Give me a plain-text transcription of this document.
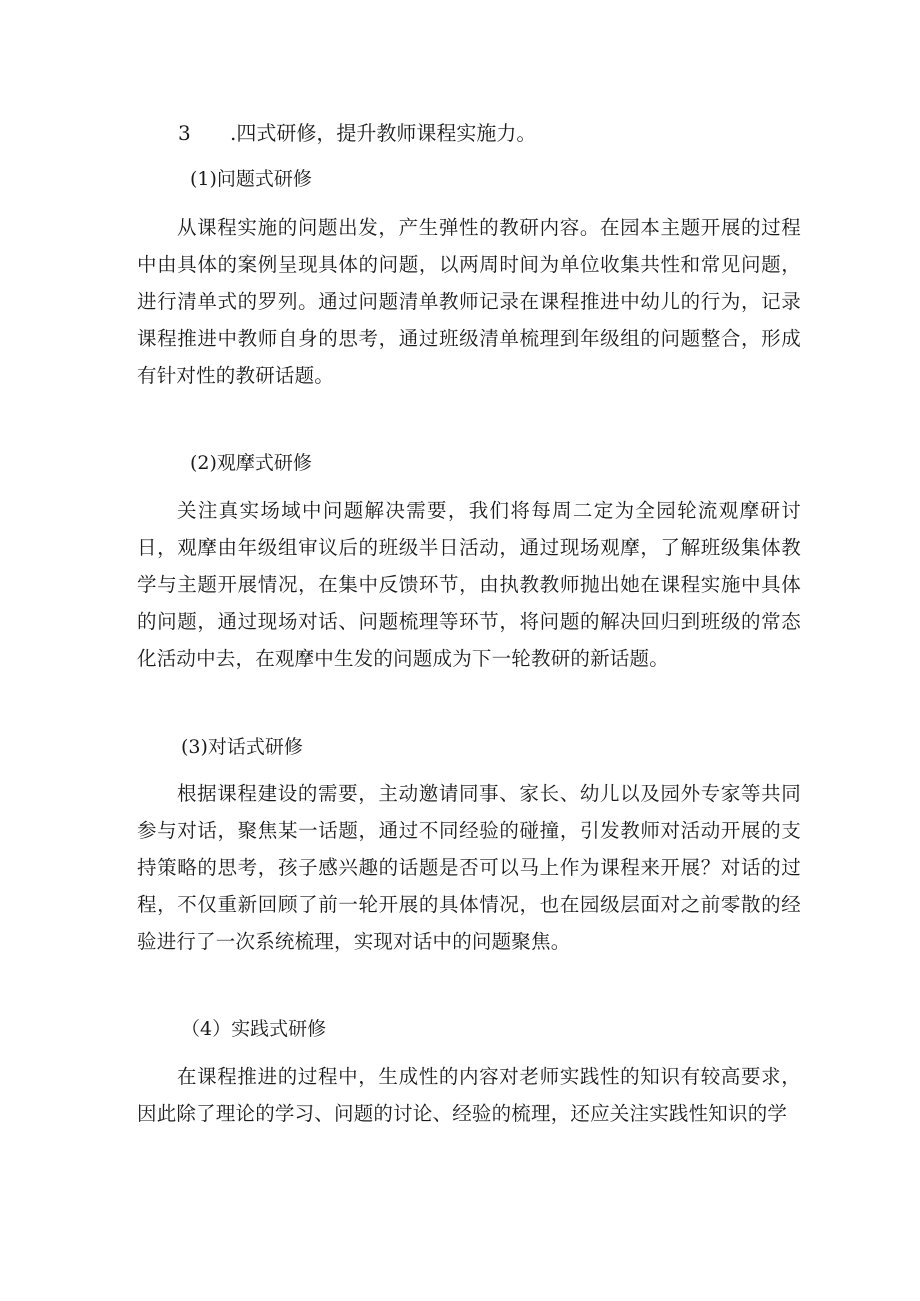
3 .四式研修，提升教师课程实施力。
(1)问题式研修
从课程实施的问题出发，产生弹性的教研内容。在园本主题开展的过程中由具体的案例呈现具体的问题，以两周时间为单位收集共性和常见问题，进行清单式的罗列。通过问题清单教师记录在课程推进中幼儿的行为，记录课程推进中教师自身的思考，通过班级清单梳理到年级组的问题整合，形成有针对性的教研话题。
(2)观摩式研修
关注真实场域中问题解决需要，我们将每周二定为全园轮流观摩研讨日，观摩由年级组审议后的班级半日活动，通过现场观摩，了解班级集体教学与主题开展情况，在集中反馈环节，由执教教师抛出她在课程实施中具体的问题，通过现场对话、问题梳理等环节，将问题的解决回归到班级的常态化活动中去，在观摩中生发的问题成为下一轮教研的新话题。
(3)对话式研修
根据课程建设的需要，主动邀请同事、家长、幼儿以及园外专家等共同参与对话，聚焦某一话题，通过不同经验的碰撞，引发教师对活动开展的支持策略的思考，孩子感兴趣的话题是否可以马上作为课程来开展？对话的过程，不仅重新回顾了前一轮开展的具体情况，也在园级层面对之前零散的经验进行了一次系统梳理，实现对话中的问题聚焦。
（4）实践式研修
在课程推进的过程中，生成性的内容对老师实践性的知识有较高要求，因此除了理论的学习、问题的讨论、经验的梳理，还应关注实践性知识的学
